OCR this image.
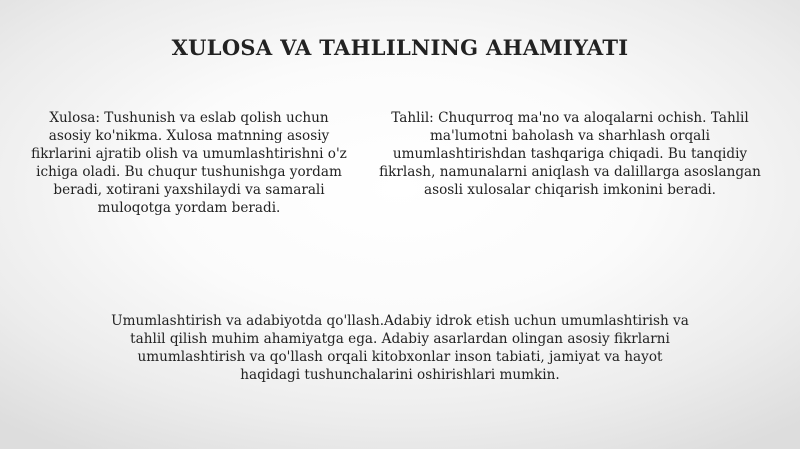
XULOSA VA TAHLILNING AHAMIYATI

Xulosa: Tushunish va eslab qolish uchun asosiy ko'nikma. Xulosa matnning asosiy fikrlarini ajratib olish va umumlashtirishni o'z ichiga oladi. Bu chuqur tushunishga yordam beradi, xotirani yaxshilaydi va samarali muloqotga yordam beradi.

Tahlil: Chuqurroq ma'no va aloqalarni ochish. Tahlil ma'lumotni baholash va sharhlash orqali umumlashtirishdan tashqariga chiqadi. Bu tanqidiy fikrlash, namunalarni aniqlash va dalillarga asoslangan asosli xulosalar chiqarish imkonini beradi.

Umumlashtirish va adabiyotda qo'llash.Adabiy idrok etish uchun umumlashtirish va tahlil qilish muhim ahamiyatga ega. Adabiy asarlardan olingan asosiy fikrlarni umumlashtirish va qo'llash orqali kitobxonlar inson tabiati, jamiyat va hayot haqidagi tushunchalarini oshirishlari mumkin.
